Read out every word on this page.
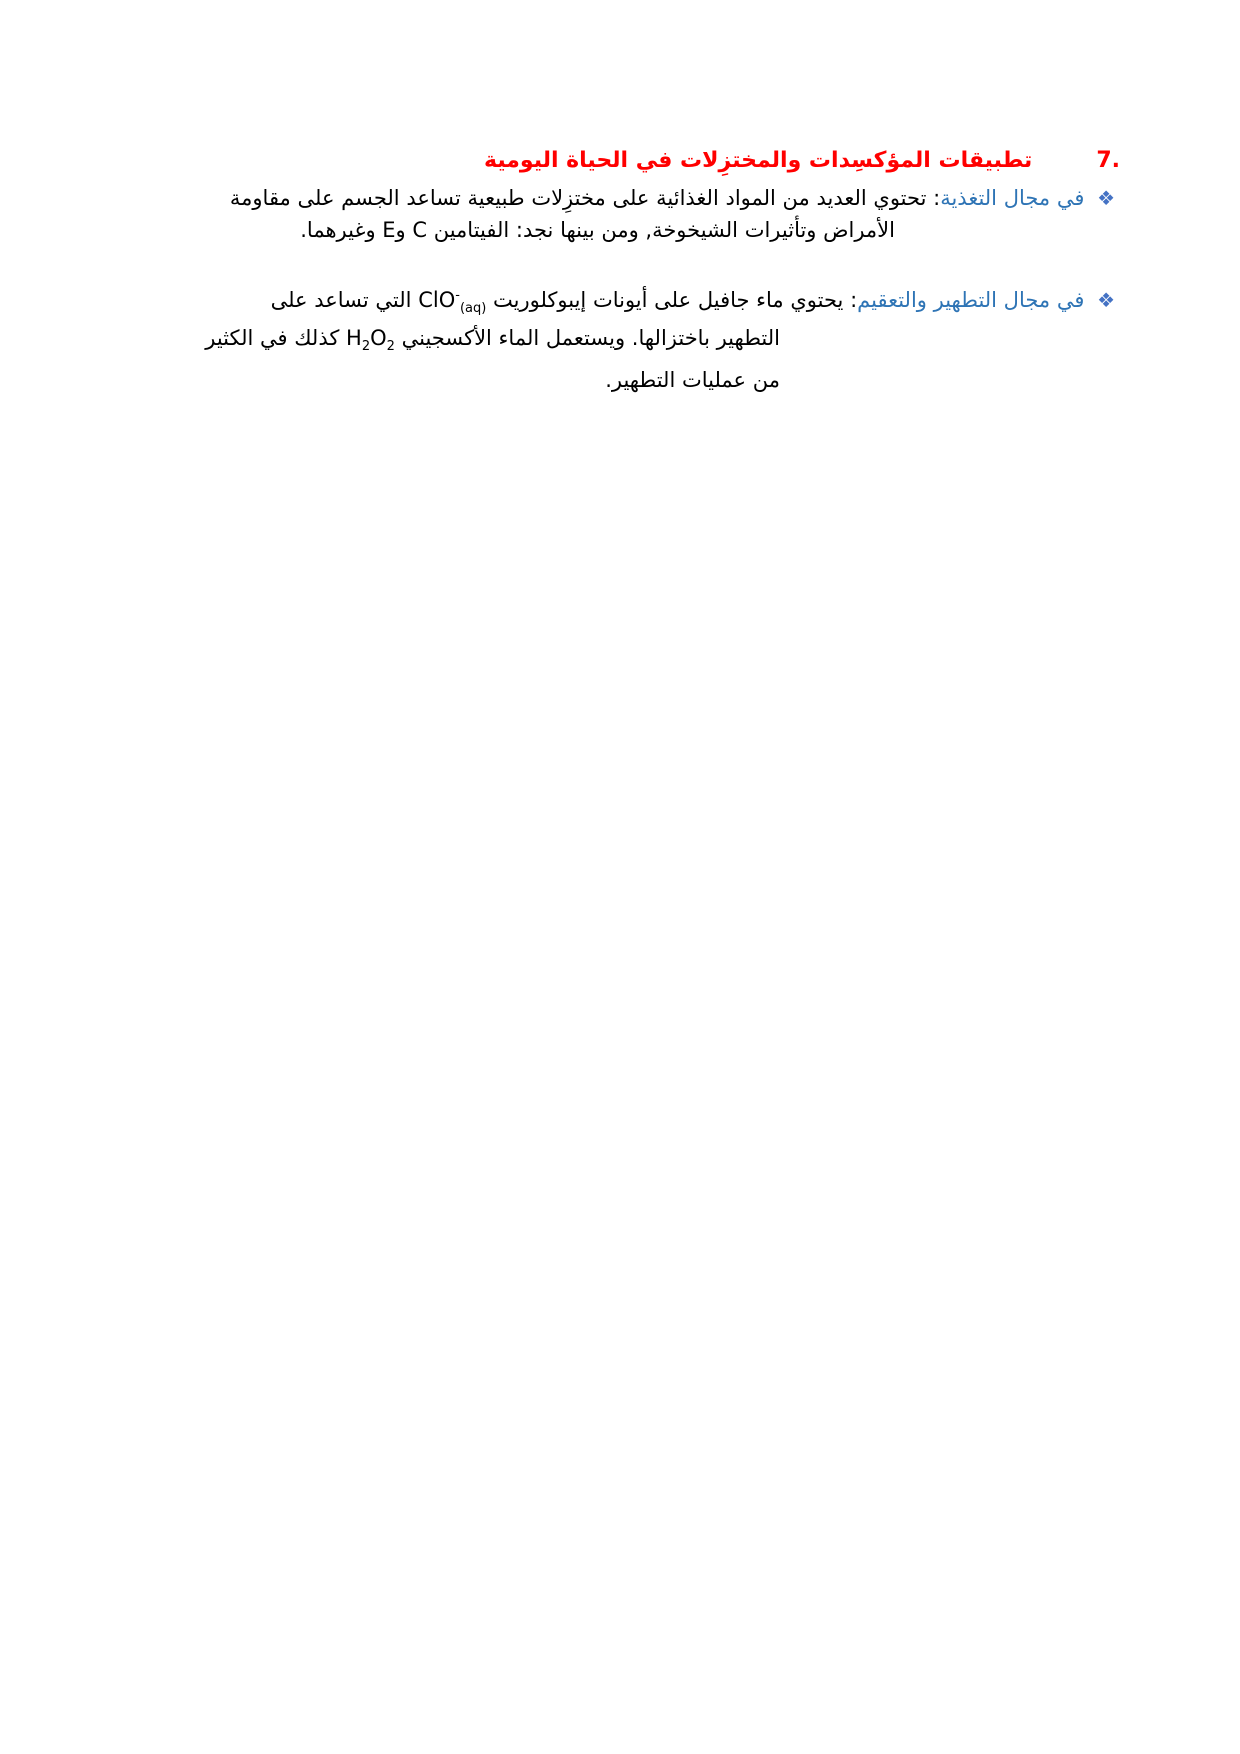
7. تطبيقات المؤكسِدات والمختزِلات في الحياة اليومية
❖ في مجال التغذية: تحتوي العديد من المواد الغذائية على مختزِلات طبيعية تساعد الجسم على مقاومة
الأمراض وتأثيرات الشيخوخة, ومن بينها نجد: الفيتامين C وE وغيرهما.
❖ في مجال التطهير والتعقيم: يحتوي ماء جافيل على أيونات إيبوكلوريت ClO-$_{(aq)}$ التي تساعد على
التطهير باختزالها. ويستعمل الماء الأكسجيني $H_2O_2$ كذلك في الكثير
من عمليات التطهير.
